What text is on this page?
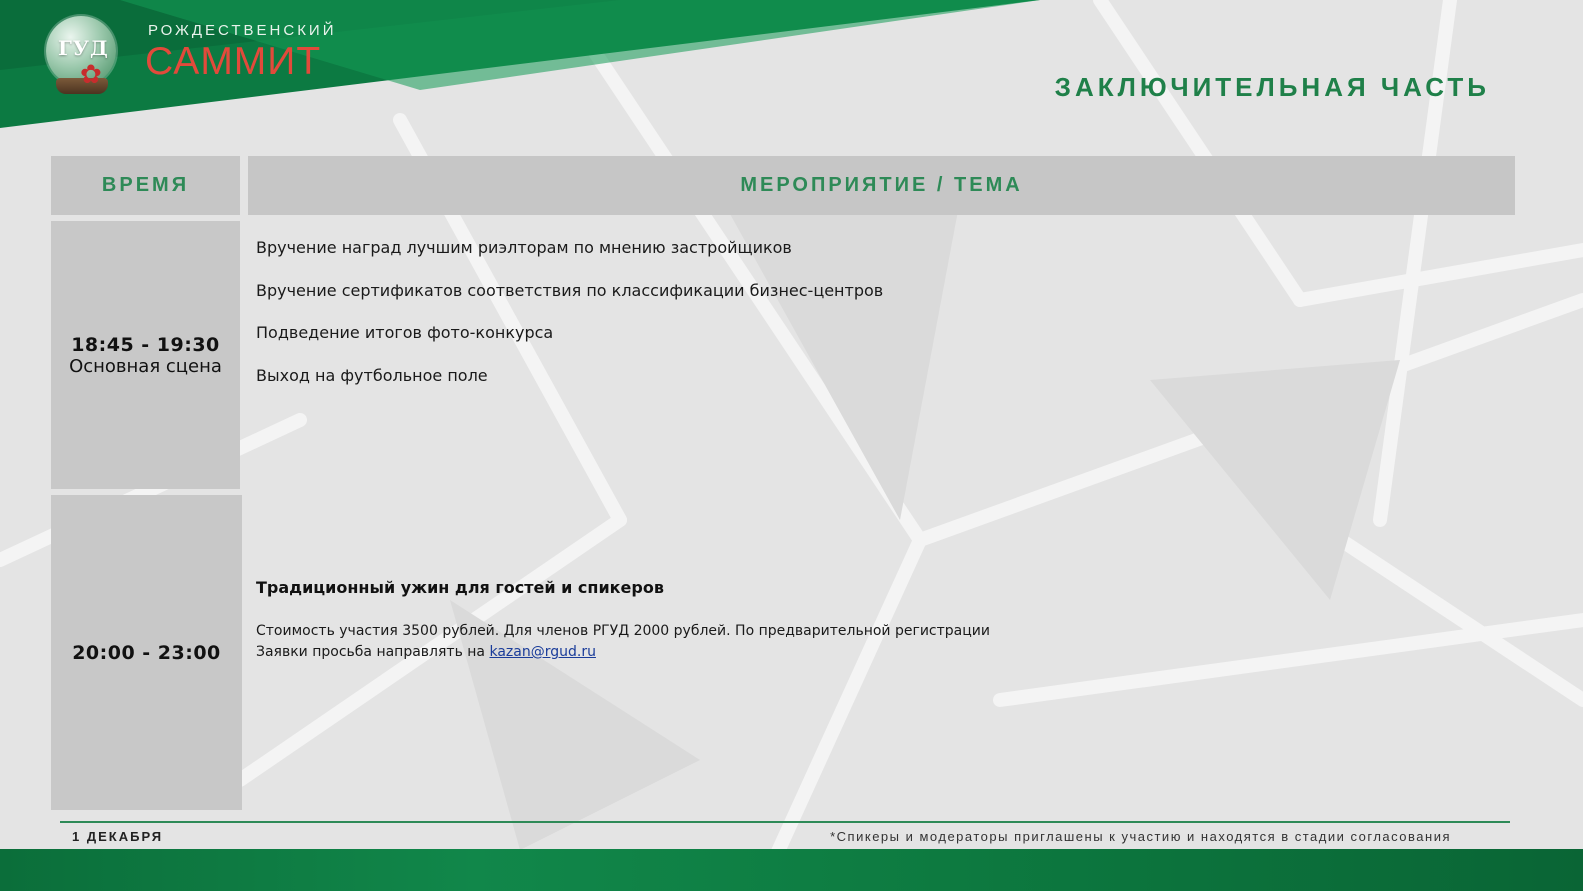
ГУД
✿
РОЖДЕСТВЕНСКИЙ
САММИТ
ЗАКЛЮЧИТЕЛЬНАЯ ЧАСТЬ
ВРЕМЯ	МЕРОПРИЯТИЕ / ТЕМА
18:45 - 19:30
Основная сцена
Вручение наград лучшим риэлторам по мнению застройщиков
Вручение сертификатов соответствия по классификации бизнес-центров
Подведение итогов фото-конкурса
Выход на футбольное поле
20:00 - 23:00
Традиционный ужин для гостей и спикеров
Стоимость участия 3500 рублей. Для членов РГУД 2000 рублей. По предварительной регистрации
Заявки просьба направлять на kazan@rgud.ru
1 ДЕКАБРЯ	*Спикеры и модераторы приглашены к участию и находятся в стадии согласования
